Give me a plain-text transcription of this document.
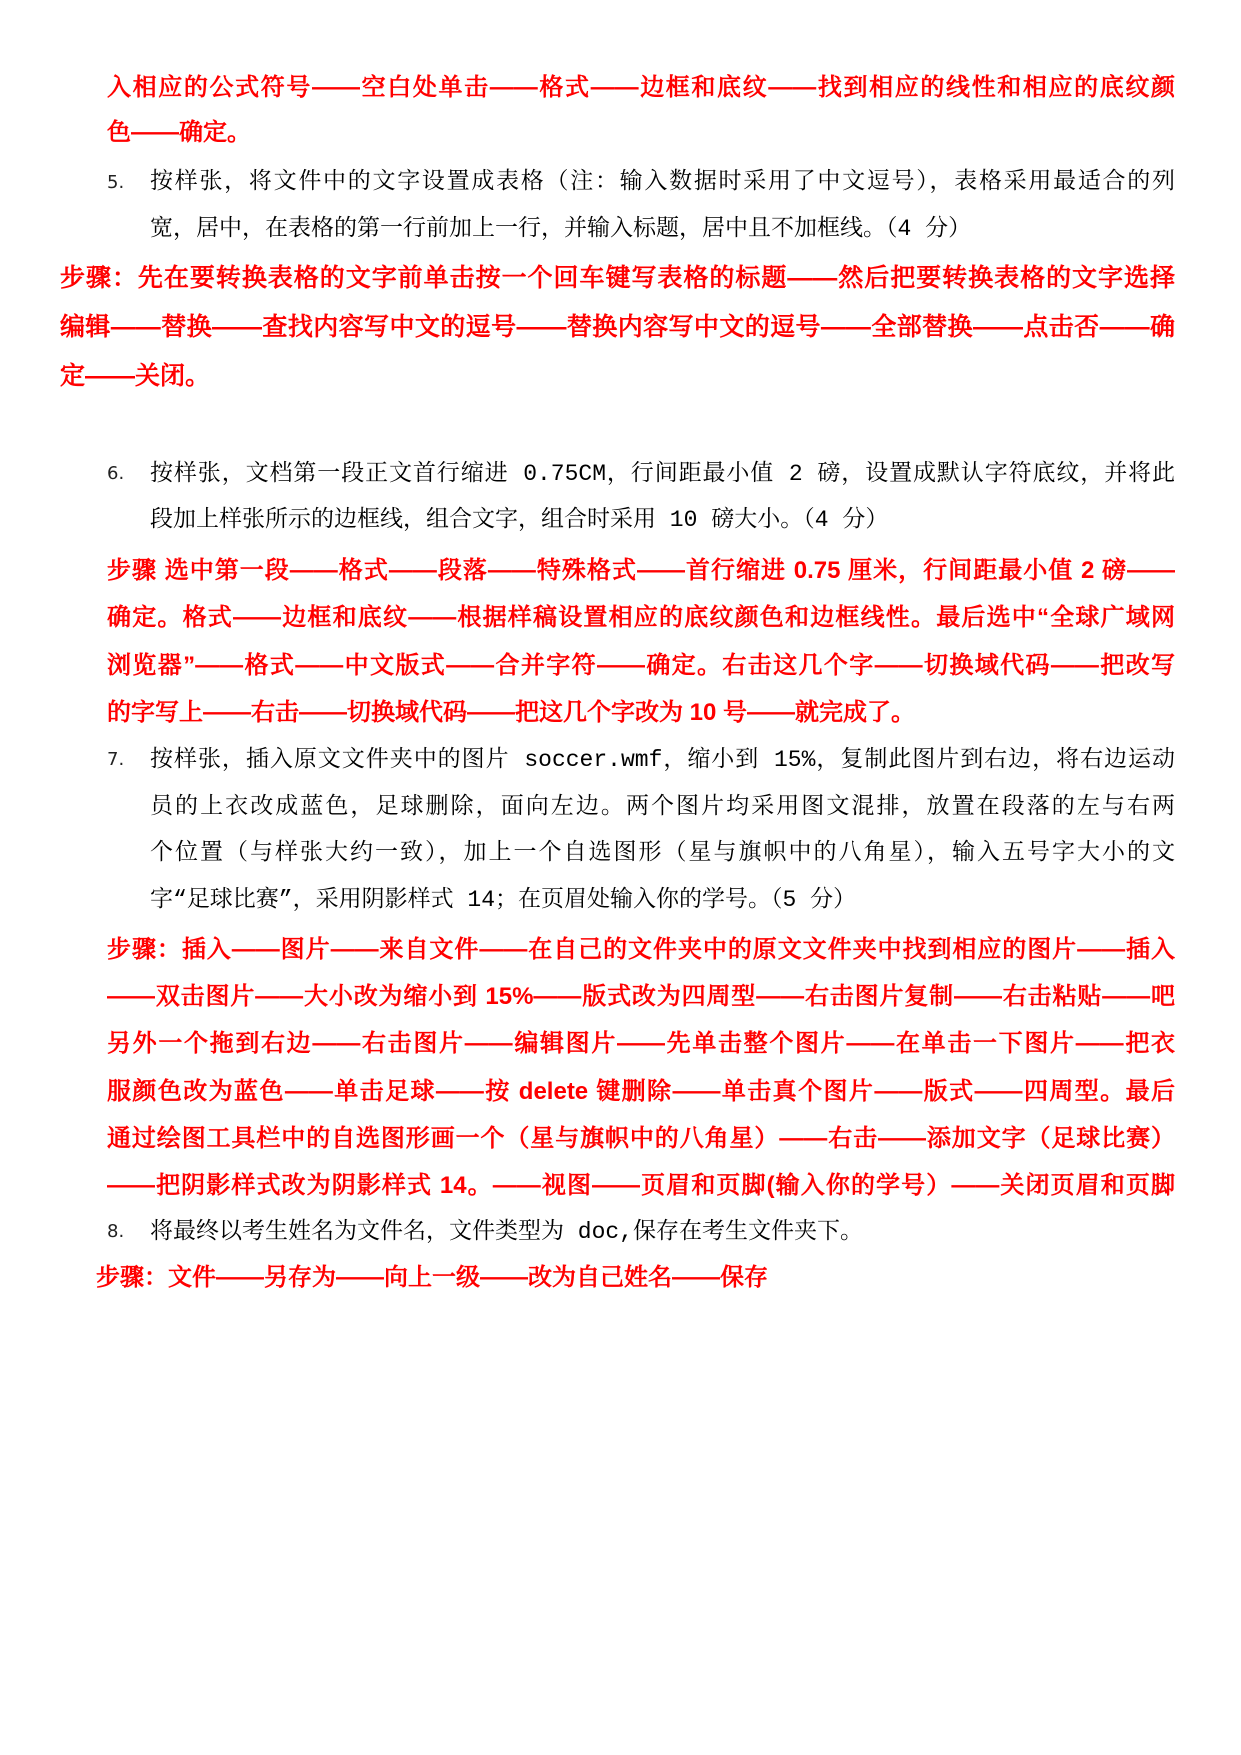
入相应的公式符号——空白处单击——格式——边框和底纹——找到相应的线性和相应的底纹颜
色——确定。
5. 按样张，将文件中的文字设置成表格（注：输入数据时采用了中文逗号），表格采用最适合的列
宽，居中，在表格的第一行前加上一行，并输入标题，居中且不加框线。（4 分）
步骤：先在要转换表格的文字前单击按一个回车键写表格的标题——然后把要转换表格的文字选择
编辑——替换——查找内容写中文的逗号——替换内容写中文的逗号——全部替换——点击否——确
定——关闭。
6. 按样张，文档第一段正文首行缩进 0.75CM，行间距最小值 2 磅，设置成默认字符底纹，并将此
段加上样张所示的边框线，组合文字，组合时采用 10 磅大小。（4 分）
步骤 选中第一段——格式——段落——特殊格式——首行缩进 0.75 厘米，行间距最小值 2 磅——
确定。格式——边框和底纹——根据样稿设置相应的底纹颜色和边框线性。最后选中“全球广域网
浏览器”——格式——中文版式——合并字符——确定。右击这几个字——切换域代码——把改写
的字写上——右击——切换域代码——把这几个字改为 10 号——就完成了。
7. 按样张，插入原文文件夹中的图片 soccer.wmf，缩小到 15%，复制此图片到右边，将右边运动
员的上衣改成蓝色，足球删除，面向左边。两个图片均采用图文混排，放置在段落的左与右两
个位置（与样张大约一致），加上一个自选图形（星与旗帜中的八角星），输入五号字大小的文
字“足球比赛”，采用阴影样式 14；在页眉处输入你的学号。（5 分）
步骤：插入——图片——来自文件——在自己的文件夹中的原文文件夹中找到相应的图片——插入
——双击图片——大小改为缩小到 15%——版式改为四周型——右击图片复制——右击粘贴——吧
另外一个拖到右边——右击图片——编辑图片——先单击整个图片——在单击一下图片——把衣
服颜色改为蓝色——单击足球——按 delete 键删除——单击真个图片——版式——四周型。最后
通过绘图工具栏中的自选图形画一个（星与旗帜中的八角星）——右击——添加文字（足球比赛）
——把阴影样式改为阴影样式 14。——视图——页眉和页脚(输入你的学号）——关闭页眉和页脚
8. 将最终以考生姓名为文件名，文件类型为 doc,保存在考生文件夹下。
步骤：文件——另存为——向上一级——改为自己姓名——保存
